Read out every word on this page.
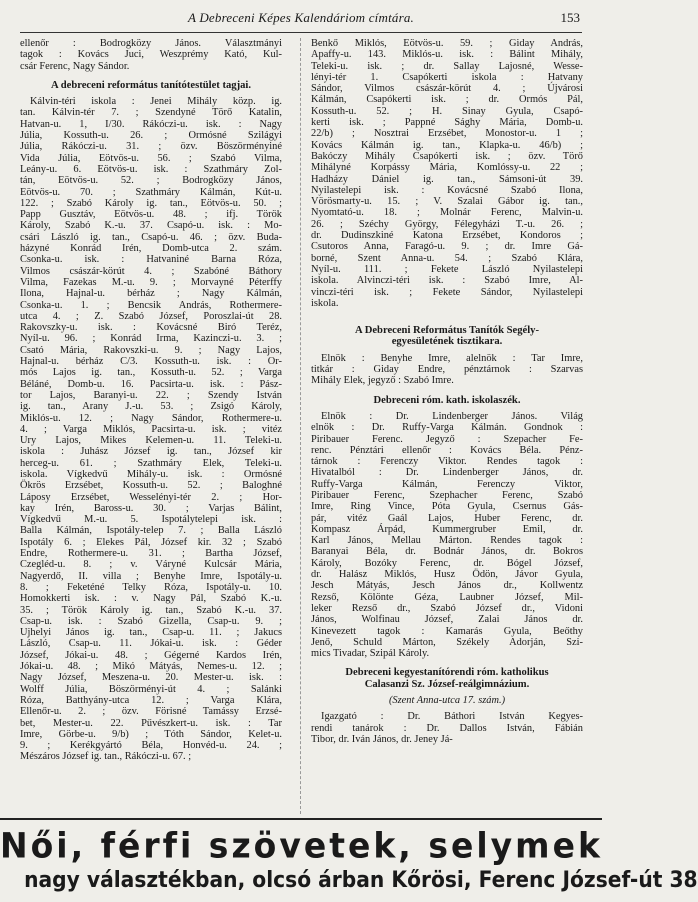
A Debreceni Képes Kalendáriom címtára.	153
ellenőr : Bodrogközy János. Választmányi
tagok : Kovács Juci, Weszprémy Kató, Kul-
csár Ferenc, Nagy Sándor.
A debreceni református tanítótestület tagjai.
Kálvin-téri iskola : Jenei Mihály közp. ig.
tan. Kálvin-tér 7. ; Szendyné Törő Katalin,
Hatvan-u. 1, I/30. Rákóczi-u. isk. : Nagy
Júlia, Kossuth-u. 26. ; Ormósné Szilágyi
Júlia, Rákóczi-u. 31. ; özv. Böszörményiné
Vida Júlia, Eötvös-u. 56. ; Szabó Vilma,
Leány-u. 6. Eötvös-u. isk. : Szathmáry Zol-
tán, Eötvös-u. 52. ; Bodrogközy János,
Eötvös-u. 70. ; Szathmáry Kálmán, Kút-u.
122. ; Szabó Károly ig. tan., Eötvös-u. 50. ;
Papp Gusztáv, Eötvös-u. 48. ; ifj. Török
Károly, Szabó K.-u. 37. Csapó-u. isk. : Mo-
csári László ig. tan., Csapó-u. 46. ; özv. Buda-
házyné Konrád Irén, Domb-utca 2. szám.
Csonka-u. isk. : Hatvaniné Barna Róza,
Vilmos császár-körút 4. ; Szabóné Báthory
Vilma, Fazekas M.-u. 9. ; Morvayné Péterffy
Ilona, Hajnal-u. bérház ; Nagy Kálmán,
Csonka-u. 1. ; Bencsik András, Rothermere-
utca 4. ; Z. Szabó József, Poroszlai-út 28.
Rakovszky-u. isk. : Kovácsné Biró Teréz,
Nyíl-u. 96. ; Konrád Irma, Kazinczi-u. 3. ;
Csató Mária, Rakovszki-u. 9. ; Nagy Lajos,
Hajnal-u. bérház C/3. Kossuth-u. isk. : Or-
mós Lajos ig. tan., Kossuth-u. 52. ; Varga
Béláné, Domb-u. 16. Pacsirta-u. isk. : Pász-
tor Lajos, Baranyi-u. 22. ; Szendy István
ig. tan., Arany J.-u. 53. ; Zsigó Károly,
Miklós-u. 12. ; Nagy Sándor, Rothermere-u.
4. ; Varga Miklós, Pacsirta-u. isk. ; vitéz
Ury Lajos, Mikes Kelemen-u. 11. Teleki-u.
iskola : Juhász József ig. tan., József kir
herceg-u. 61. ; Szathmáry Elek, Teleki-u.
iskola. Vígkedvű Mihály-u. isk. : Ormósné
Ökrös Erzsébet, Kossuth-u. 52. ; Baloghné
Láposy Erzsébet, Wesselényi-tér 2. ; Hor-
kay Irén, Baross-u. 30. ; Varjas Bálint,
Vígkedvű M.-u. 5. Ispotálytelepi isk. :
Balla Kálmán, Ispotály-telep 7. ; Balla László
Ispotály 6. ; Elekes Pál, József kir. 32 ; Szabó
Endre, Rothermere-u. 31. ; Bartha József,
Czegléd-u. 8. ; v. Váryné Kulcsár Mária,
Nagyerdő, II. villa ; Benyhe Imre, Ispotály-u.
8. ; Feketéné Telky Róza, Ispotály-u. 10.
Homokkerti isk. : v. Nagy Pál, Szabó K.-u.
35. ; Török Károly ig. tan., Szabó K.-u. 37.
Csap-u. isk. : Szabó Gizella, Csap-u. 9. ;
Ujhelyi János ig. tan., Csap-u. 11. ; Jakucs
László, Csap-u. 11. Jókai-u. isk. : Géder
József, Jókai-u. 48. ; Gégerné Kardos Irén,
Jókai-u. 48. ; Mikó Mátyás, Nemes-u. 12. ;
Nagy József, Meszena-u. 20. Mester-u. isk. :
Wolff Júlia, Böszörményi-út 4. ; Salánki
Róza, Batthyány-utca 12. ; Varga Klára,
Ellenőr-u. 2. ; özv. Förisné Tamássy Erzsé-
bet, Mester-u. 22. Pűvészkert-u. isk. : Tar
Imre, Görbe-u. 9/b) ; Tóth Sándor, Kelet-u.
9. ; Kerékgyártó Béla, Honvéd-u. 24. ;
Mészáros József ig. tan., Rákóczi-u. 67. ;
Benkő Miklós, Eötvös-u. 59. ; Giday András,
Apaffy-u. 143. Miklós-u. isk. : Bálint Mihály,
Teleki-u. isk. ; dr. Sallay Lajosné, Wesse-
lényi-tér 1. Csapókerti iskola : Hatvany
Sándor, Vilmos császár-körút 4. ; Újvárosi
Kálmán, Csapókerti isk. ; dr. Ormós Pál,
Kossuth-u. 52. ; H. Sinay Gyula, Csapó-
kerti isk. ; Pappné Sághy Mária, Domb-u.
22/b) ; Nosztrai Erzsébet, Monostor-u. 1 ;
Kovács Kálmán ig. tan., Klapka-u. 46/b) ;
Bakóczy Mihály Csapókerti isk. ; özv. Törő
Mihályné Korpássy Mária, Komlóssy-u. 22 ;
Hadházy Dániel ig. tan., Sámsoni-út 39.
Nyilastelepi isk. : Kovácsné Szabó Ilona,
Vörösmarty-u. 15. ; V. Szalai Gábor ig. tan.,
Nyomtató-u. 18. ; Molnár Ferenc, Malvin-u.
26. ; Széchy György, Félegyházi T.-u. 26. ;
dr. Dudinszkiné Katona Erzsébet, Kondoros ;
Csutoros Anna, Faragó-u. 9. ; dr. Imre Gá-
borné, Szent Anna-u. 54. ; Szabó Klára,
Nyíl-u. 111. ; Fekete László Nyilastelepi
iskola. Alvinczi-téri isk. : Szabó Imre, Al-
vinczi-téri isk. ; Fekete Sándor, Nyilastelepi
iskola.
A Debreceni Református Tanítók Segély-
egyesületének tisztikara.
Elnök : Benyhe Imre, alelnök : Tar Imre,
titkár : Giday Endre, pénztárnok : Szarvas
Mihály Elek, jegyző : Szabó Imre.
Debreceni róm. kath. iskolaszék.
Elnök : Dr. Lindenberger János. Világ
elnök : Dr. Ruffy-Varga Kálmán. Gondnok :
Piribauer Ferenc. Jegyző : Szepacher Fe-
renc. Pénztári ellenőr : Kovács Béla. Pénz-
tárnok : Ferenczy Viktor. Rendes tagok :
Hivatalból : Dr. Lindenberger János, dr.
Ruffy-Varga Kálmán, Ferenczy Viktor,
Piribauer Ferenc, Szephacher Ferenc, Szabó
Imre, Ring Vince, Póta Gyula, Csernus Gás-
pár, vitéz Gaál Lajos, Huber Ferenc, dr.
Kompasz Árpád, Kummergruber Emil, dr.
Karl János, Mellau Márton. Rendes tagok :
Baranyai Béla, dr. Bodnár János, dr. Bokros
Károly, Bozóky Ferenc, dr. Bógel József,
dr. Halász Miklós, Husz Ödön, Jávor Gyula,
Jesch Mátyás, Jesch János dr., Kollwentz
Rezső, Kölönte Géza, Laubner József, Mil-
leker Rezső dr., Szabó József dr., Vidoni
János, Wolfinau József, Zalai János dr.
Kinevezett tagok : Kamarás Gyula, Beőthy
Jenő, Schuld Márton, Székely Adorján, Szi-
mics Tivadar, Szipál Károly.
Debreceni kegyestanítórendi róm. katholikus
Calasanzi Sz. József-reálgimnázium.
(Szent Anna-utca 17. szám.)
Igazgató : Dr. Báthori István Kegyes-
rendi tanárok : Dr. Dallos István, Fábián
Tibor, dr. Iván János, dr. Jeney Já-
Női, férfi szövetek, selymek
nagy választékban, olcsó árban Kőrösi, Ferenc József-út 38
